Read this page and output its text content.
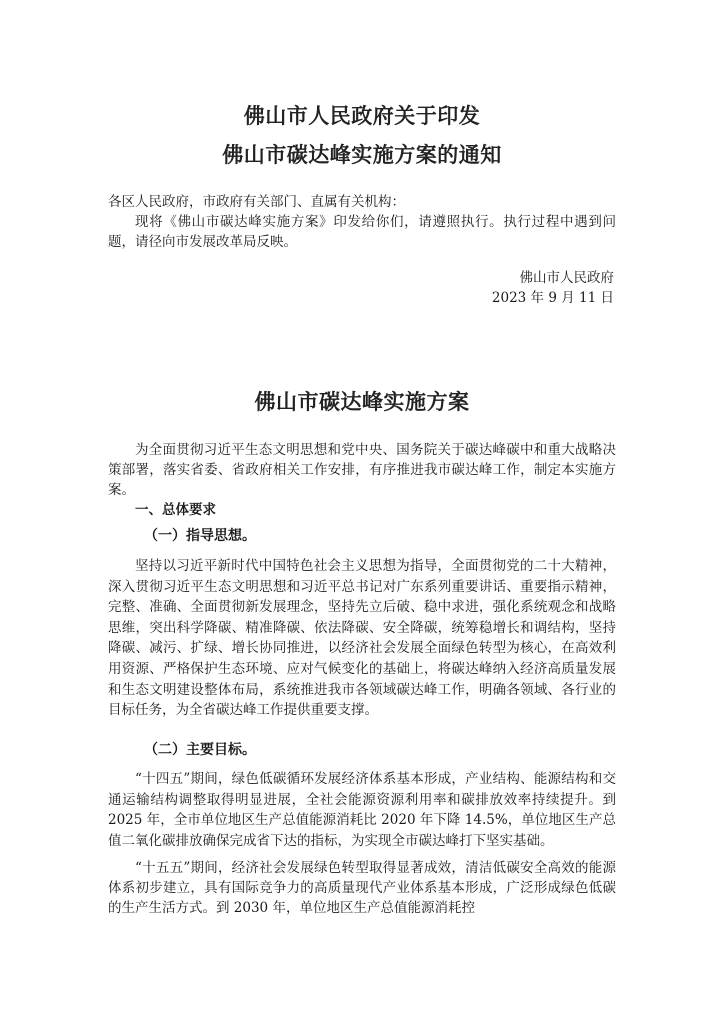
佛山市人民政府关于印发
佛山市碳达峰实施方案的通知

各区人民政府，市政府有关部门、直属有关机构：

现将《佛山市碳达峰实施方案》印发给你们，请遵照执行。执行过程中遇到问题，请径向市发展改革局反映。

佛山市人民政府
2023 年 9 月 11 日
佛山市碳达峰实施方案

为全面贯彻习近平生态文明思想和党中央、国务院关于碳达峰碳中和重大战略决策部署，落实省委、省政府相关工作安排，有序推进我市碳达峰工作，制定本实施方案。

一、总体要求

（一）指导思想。

坚持以习近平新时代中国特色社会主义思想为指导，全面贯彻党的二十大精神，深入贯彻习近平生态文明思想和习近平总书记对广东系列重要讲话、重要指示精神，完整、准确、全面贯彻新发展理念，坚持先立后破、稳中求进，强化系统观念和战略思维，突出科学降碳、精准降碳、依法降碳、安全降碳，统筹稳增长和调结构，坚持降碳、减污、扩绿、增长协同推进，以经济社会发展全面绿色转型为核心，在高效利用资源、严格保护生态环境、应对气候变化的基础上，将碳达峰纳入经济高质量发展和生态文明建设整体布局，系统推进我市各领域碳达峰工作，明确各领域、各行业的目标任务，为全省碳达峰工作提供重要支撑。

（二）主要目标。

“十四五”期间，绿色低碳循环发展经济体系基本形成，产业结构、能源结构和交通运输结构调整取得明显进展，全社会能源资源利用率和碳排放效率持续提升。到 2025 年，全市单位地区生产总值能源消耗比 2020 年下降 14.5%，单位地区生产总值二氧化碳排放确保完成省下达的指标，为实现全市碳达峰打下坚实基础。

“十五五”期间，经济社会发展绿色转型取得显著成效，清洁低碳安全高效的能源体系初步建立，具有国际竞争力的高质量现代产业体系基本形成，广泛形成绿色低碳的生产生活方式。到 2030 年，单位地区生产总值能源消耗控
